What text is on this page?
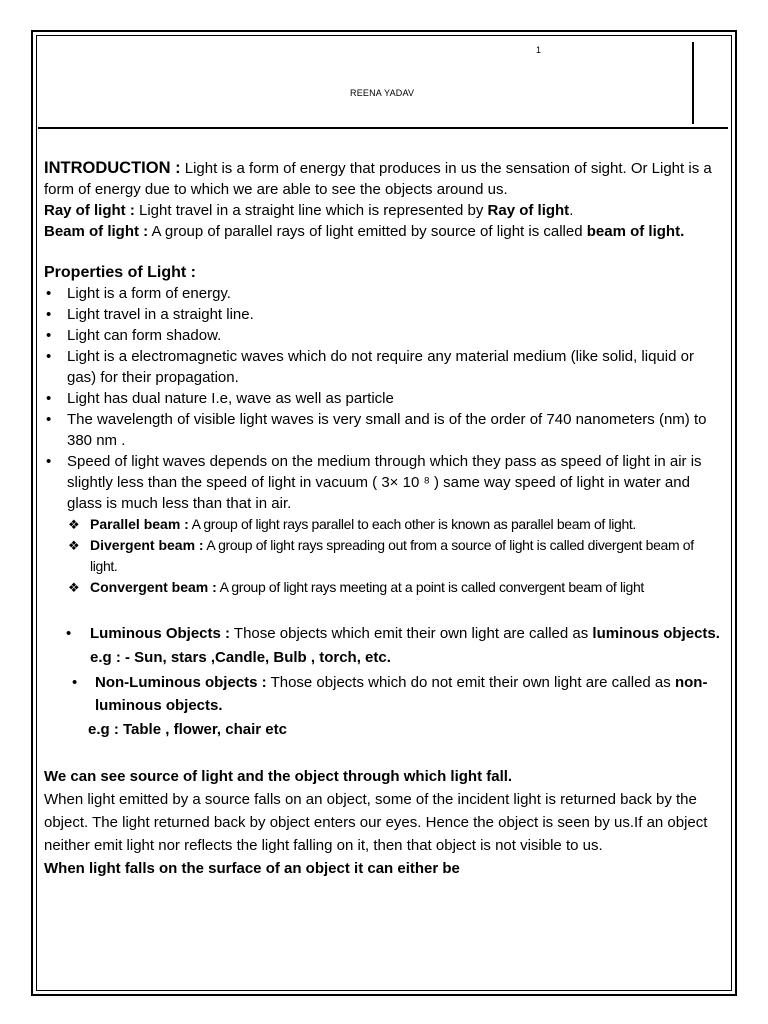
1
REENA YADAV

INTRODUCTION : Light is a form of energy that produces in us the sensation of sight. Or Light is a form of energy due to which we are able to see the objects around us.

Ray of light : Light travel in a straight line which is represented by Ray of light.

Beam of light : A group of parallel rays of light emitted by source of light is called beam of light.

Properties of Light :
• Light is a form of energy.
• Light travel in a straight line.
• Light can form shadow.
• Light is a electromagnetic waves which do not require any material medium (like solid, liquid or gas) for their propagation.
• Light has dual nature I.e, wave as well as particle
• The wavelength of visible light waves is very small and is of the order of 740 nanometers (nm) to 380 nm .
• Speed of light waves depends on the medium through which they pass as speed of light in air is slightly less than the speed of light in vacuum ( 3× 10 ⁸ ) same way speed of light in water and glass is much less than that in air.
❖ Parallel beam : A group of light rays parallel to each other is known as parallel beam of light.
❖ Divergent beam : A group of light rays spreading out from a source of light is called divergent beam of light.
❖ Convergent beam : A group of light rays meeting at a point is called convergent beam of light

• Luminous Objects : Those objects which emit their own light are called as luminous objects.

e.g : - Sun, stars ,Candle, Bulb , torch, etc.

• Non-Luminous objects : Those objects which do not emit their own light are called as non-luminous objects.

e.g : Table , flower, chair etc

We can see source of light and the object through which light fall.

When light emitted by a source falls on an object, some of the incident light is returned back by the object. The light returned back by object enters our eyes. Hence the object is seen by us.If an object neither emit light nor reflects the light falling on it, then that object is not visible to us.

When light falls on the surface of an object it can either be
